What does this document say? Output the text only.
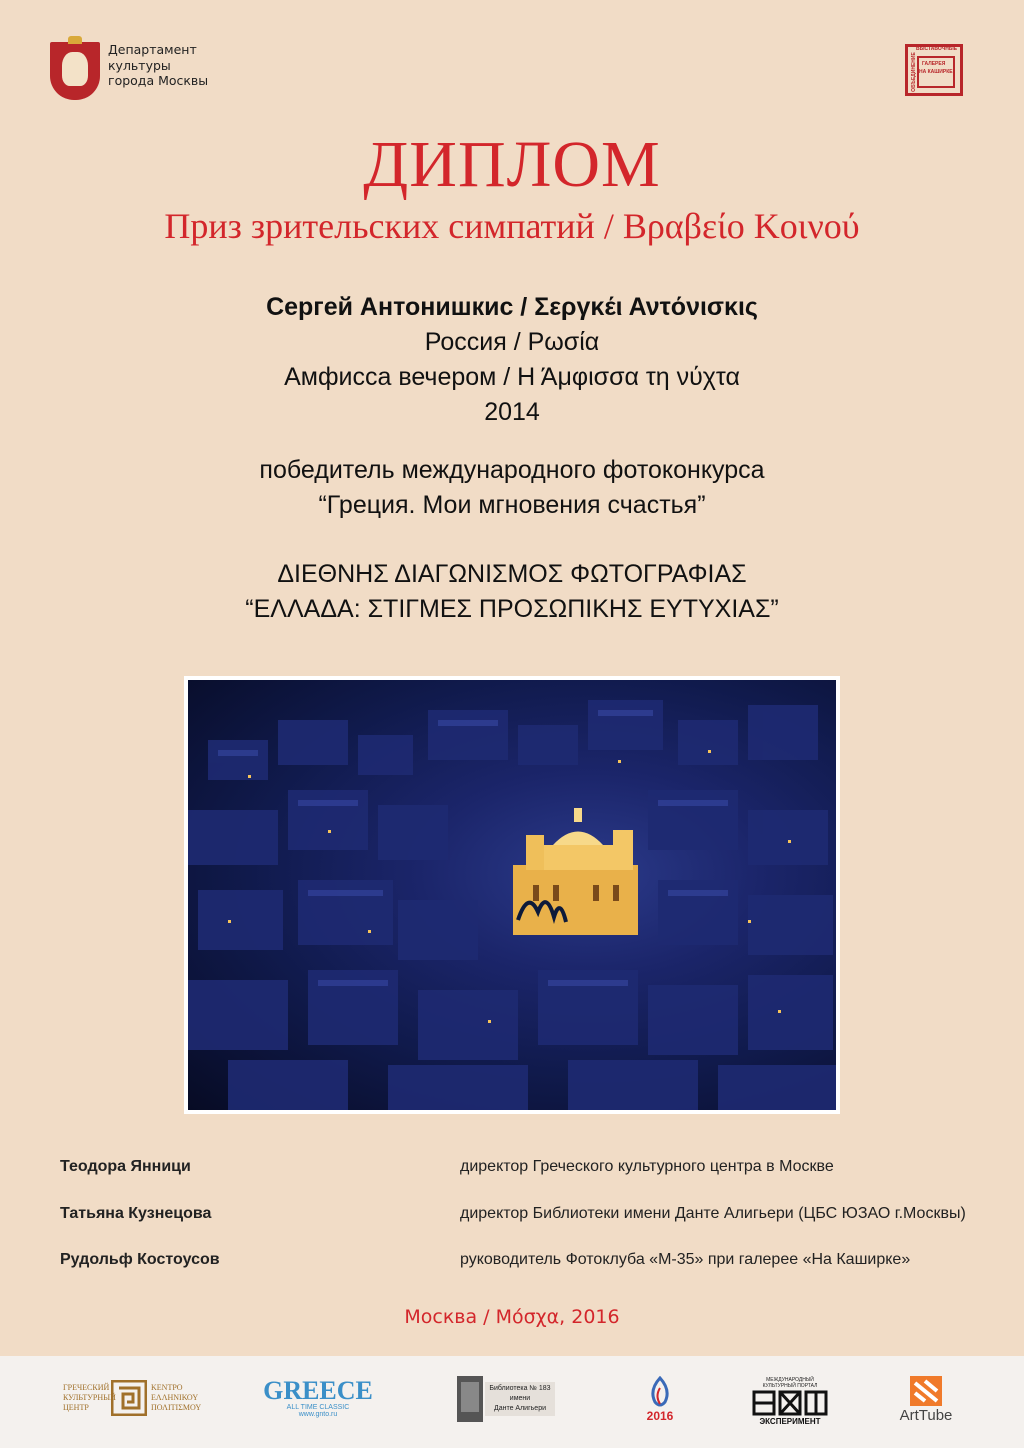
Департамент
культуры
города Москвы
ВЫСТАВОЧНЫЕ
ГАЛЕРЕЯ
НА КАШИРКЕ
ОБЪЕДИНЕНИЕ
ДИПЛОМ
Приз зрительских симпатий / Βραβείο Κοινού
Сергей Антонишкис / Σεργκέι Αντόνισκις
Россия / Ρωσία
Амфисса вечером / Η Άμφισσα τη νύχτα
2014
победитель международного фотоконкурса
“Греция. Мои мгновения счастья”
ΔΙΕΘΝΗΣ ΔΙΑΓΩΝΙΣΜΟΣ ΦΩΤΟΓΡΑΦΙΑΣ
“ΕΛΛΑΔΑ: ΣΤΙΓΜΕΣ ΠΡΟΣΩΠΙΚΗΣ ΕΥΤΥΧΙΑΣ”
Теодора Янници	директор Греческого культурного центра в Москве
Татьяна Кузнецова	директор Библиотеки имени Данте Алигьери (ЦБС ЮЗАО г.Москвы)
Рудольф Костоусов	руководитель Фотоклуба «М-35» при галерее «На Каширке»
Москва / Μόσχα, 2016
ГРЕЧЕСКИЙ
КУЛЬТУРНЫЙ
ЦЕНТР
ΚΕΝΤΡΟ
ΕΛΛΗΝΙΚΟΥ
ΠΟΛΙΤΙΣΜΟΥ
GREECE
ALL TIME CLASSIC
www.gnto.ru
Библиотека № 183
имени
Данте Алигьери
2016
МЕЖДУНАРОДНЫЙ КУЛЬТУРНЫЙ ПОРТАЛ
ЭКСПЕРИМЕНТ	ArtTube
